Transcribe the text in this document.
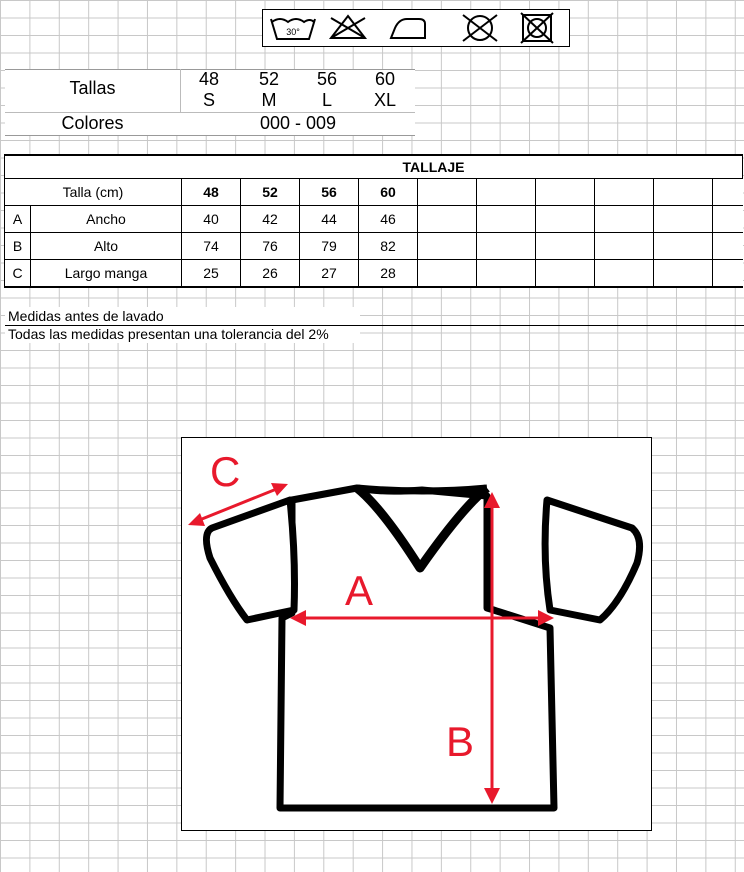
30°
Tallas	48	52	56	60
S	M	L	XL
Colores	000 - 009
TALLAJE											
Talla (cm)		48	52	56	60						
A	Ancho	40	42	44	46						
B	Alto	74	76	79	82						
C	Largo manga	25	26	27	28						
Medidas antes de lavado
Todas las medidas presentan una tolerancia del 2%
A
B
C
